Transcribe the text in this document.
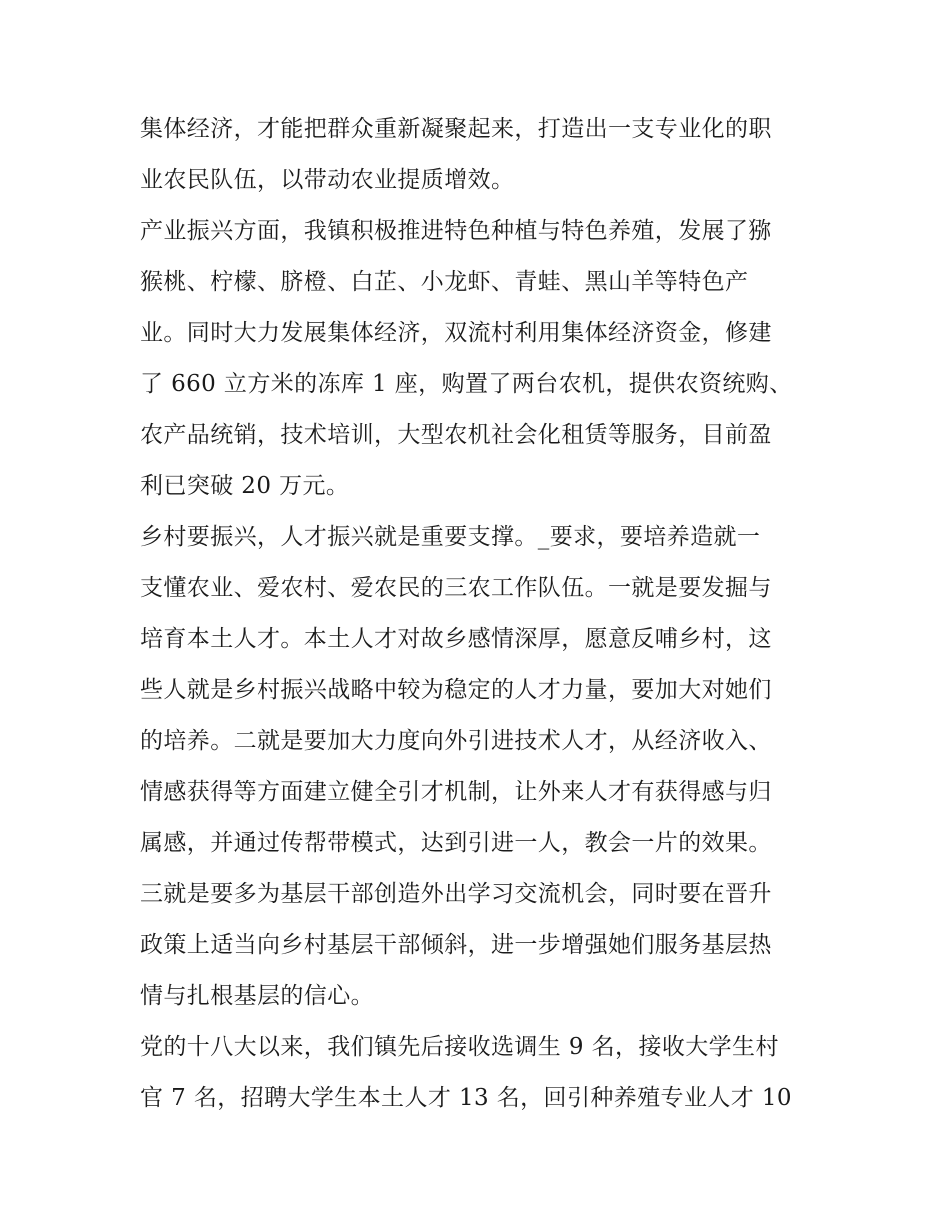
集体经济，才能把群众重新凝聚起来，打造出一支专业化的职
业农民队伍，以带动农业提质增效。
产业振兴方面，我镇积极推进特色种植与特色养殖，发展了猕
猴桃、柠檬、脐橙、白芷、小龙虾、青蛙、黑山羊等特色产
业。同时大力发展集体经济，双流村利用集体经济资金，修建
了 660 立方米的冻库 1 座，购置了两台农机，提供农资统购、
农产品统销，技术培训，大型农机社会化租赁等服务，目前盈
利已突破 20 万元。
乡村要振兴，人才振兴就是重要支撑。_要求，要培养造就一
支懂农业、爱农村、爱农民的三农工作队伍。一就是要发掘与
培育本土人才。本土人才对故乡感情深厚，愿意反哺乡村，这
些人就是乡村振兴战略中较为稳定的人才力量，要加大对她们
的培养。二就是要加大力度向外引进技术人才，从经济收入、
情感获得等方面建立健全引才机制，让外来人才有获得感与归
属感，并通过传帮带模式，达到引进一人，教会一片的效果。
三就是要多为基层干部创造外出学习交流机会，同时要在晋升
政策上适当向乡村基层干部倾斜，进一步增强她们服务基层热
情与扎根基层的信心。
党的十八大以来，我们镇先后接收选调生 9 名，接收大学生村
官 7 名，招聘大学生本土人才 13 名，回引种养殖专业人才 10
